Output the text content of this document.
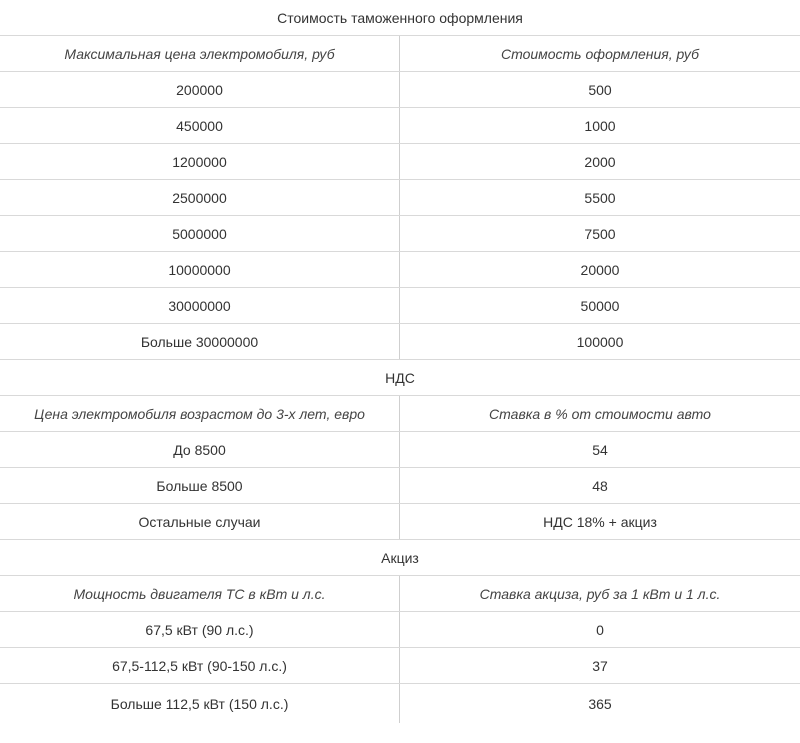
Стоимость таможенного оформления
Максимальная цена электромобиля, руб	Стоимость оформления, руб
200000	500
450000	1000
1200000	2000
2500000	5500
5000000	7500
10000000	20000
30000000	50000
Больше 30000000	100000
НДС
Цена электромобиля возрастом до 3-х лет, евро	Ставка в % от стоимости авто
До 8500	54
Больше 8500	48
Остальные случаи	НДС 18% + акциз
Акциз
Мощность двигателя ТС в кВт и л.с.	Ставка акциза, руб за 1 кВт и 1 л.с.
67,5 кВт (90 л.с.)	0
67,5-112,5 кВт (90-150 л.с.)	37
Больше 112,5 кВт (150 л.с.)	365
